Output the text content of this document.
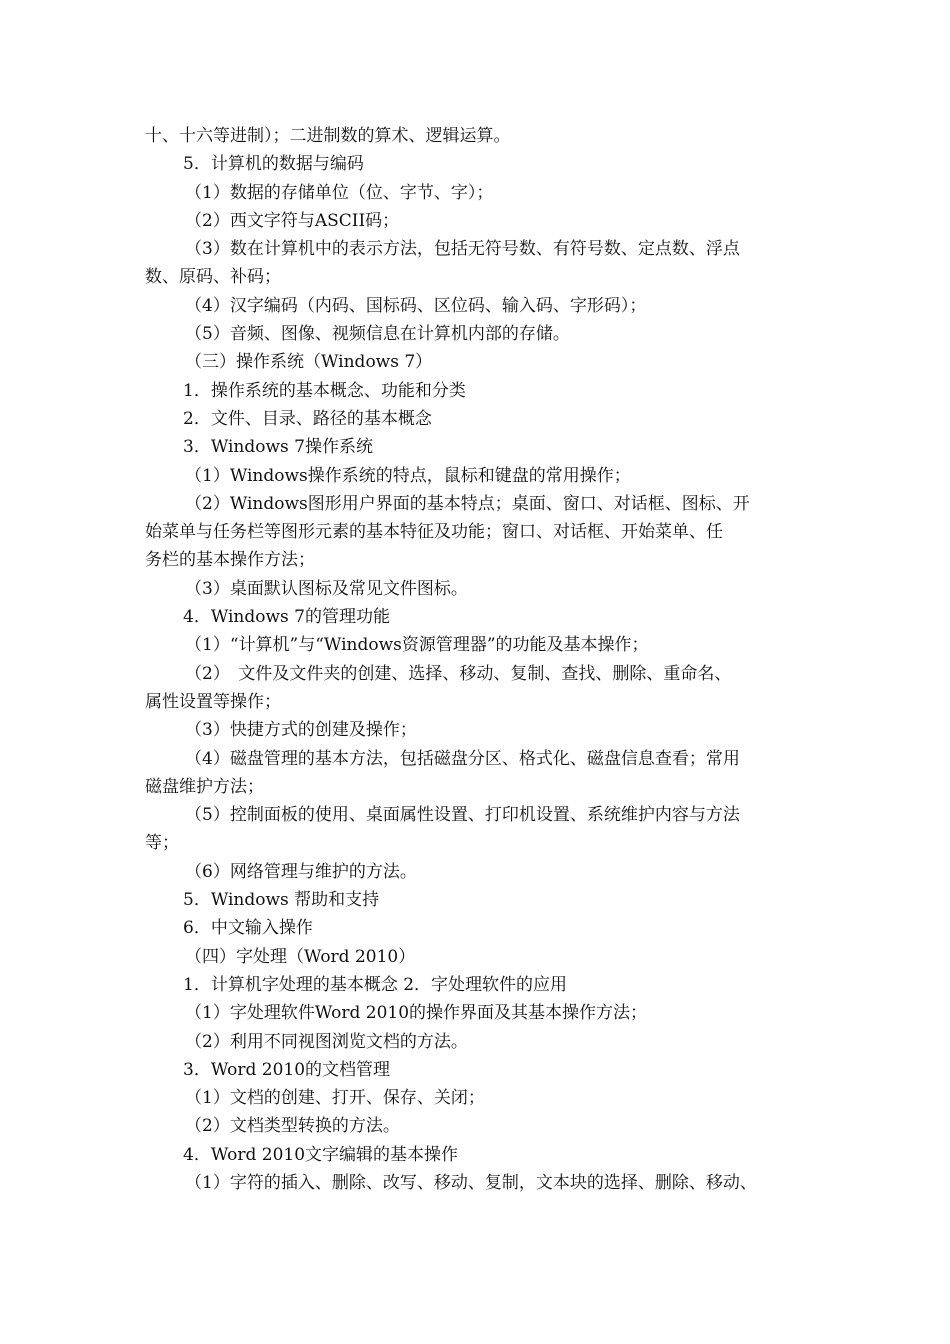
十、十六等进制）；二进制数的算术、逻辑运算。
5．计算机的数据与编码
（1）数据的存储单位（位、字节、字）；
（2）西文字符与ASCII码；
（3）数在计算机中的表示方法，包括无符号数、有符号数、定点数、浮点
数、原码、补码；
（4）汉字编码（内码、国标码、区位码、输入码、字形码）；
（5）音频、图像、视频信息在计算机内部的存储。
（三）操作系统（Windows 7）
1．操作系统的基本概念、功能和分类
2．文件、目录、路径的基本概念
3．Windows 7操作系统
（1）Windows操作系统的特点，鼠标和键盘的常用操作；
（2）Windows图形用户界面的基本特点；桌面、窗口、对话框、图标、开
始菜单与任务栏等图形元素的基本特征及功能；窗口、对话框、开始菜单、任
务栏的基本操作方法；
（3）桌面默认图标及常见文件图标。
4．Windows 7的管理功能
（1）“计算机”与“Windows资源管理器”的功能及基本操作；
（2）　文件及文件夹的创建、选择、移动、复制、查找、删除、重命名、
属性设置等操作；
（3）快捷方式的创建及操作；
（4）磁盘管理的基本方法，包括磁盘分区、格式化、磁盘信息查看；常用
磁盘维护方法；
（5）控制面板的使用、桌面属性设置、打印机设置、系统维护内容与方法
等；
（6）网络管理与维护的方法。
5．Windows 帮助和支持
6．中文输入操作
（四）字处理（Word 2010）
1．计算机字处理的基本概念 2．字处理软件的应用
（1）字处理软件Word 2010的操作界面及其基本操作方法；
（2）利用不同视图浏览文档的方法。
3．Word 2010的文档管理
（1）文档的创建、打开、保存、关闭；
（2）文档类型转换的方法。
4．Word 2010文字编辑的基本操作
（1）字符的插入、删除、改写、移动、复制，文本块的选择、删除、移动、
